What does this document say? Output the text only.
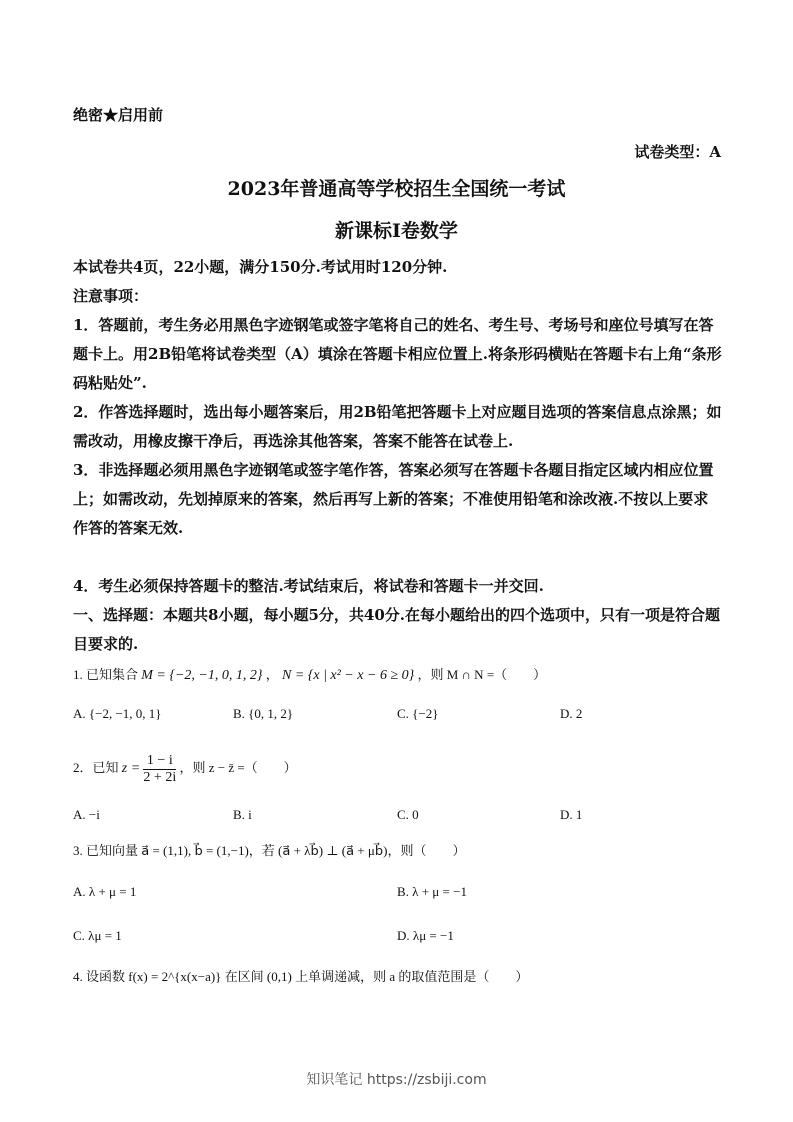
绝密★启用前
试卷类型：A
2023年普通高等学校招生全国统一考试
新课标Ⅰ卷数学
本试卷共4页，22小题，满分150分.考试用时120分钟.
注意事项：
1．答题前，考生务必用黑色字迹钢笔或签字笔将自己的姓名、考生号、考场号和座位号填写在答题卡上。用2B铅笔将试卷类型（A）填涂在答题卡相应位置上.将条形码横贴在答题卡右上角“条形码粘贴处”.
2．作答选择题时，选出每小题答案后，用2B铅笔把答题卡上对应题目选项的答案信息点涂黑；如需改动，用橡皮擦干净后，再选涂其他答案，答案不能答在试卷上.
3．非选择题必须用黑色字迹钢笔或签字笔作答，答案必须写在答题卡各题目指定区域内相应位置上；如需改动，先划掉原来的答案，然后再写上新的答案；不准使用铅笔和涂改液.不按以上要求作答的答案无效.
4．考生必须保持答题卡的整洁.考试结束后，将试卷和答题卡一并交回.
一、选择题：本题共8小题，每小题5分，共40分.在每小题给出的四个选项中，只有一项是符合题目要求的.
1. 已知集合 M = {−2, −1, 0, 1, 2} ， N = {x | x² − x − 6 ≥ 0} ，则 M ∩ N =（　　）
A. {−2, −1, 0, 1}	B. {0, 1, 2}	C. {−2}	D. 2
2．已知 $z = \frac{1 - i}{2 + 2i}$ ，则 z − z̄ =（　　）
A. −i	B. i	C. 0	D. 1
3. 已知向量 a⃗ = (1,1), b⃗ = (1,−1)，若 (a⃗ + λb⃗) ⊥ (a⃗ + μb⃗)，则（　　）
A. λ + μ = 1	B. λ + μ = −1
C. λμ = 1	D. λμ = −1
4. 设函数 f(x) = 2^{x(x−a)} 在区间 (0,1) 上单调递减，则 a 的取值范围是（　　）
知识笔记 https://zsbiji.com
